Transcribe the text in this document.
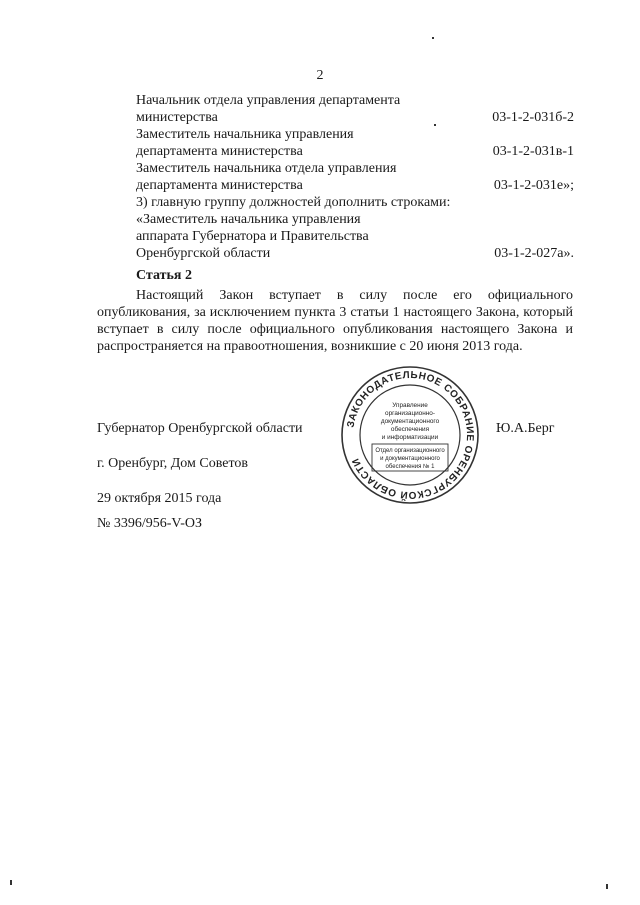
2
Начальник отдела управления департамента
министерства	03-1-2-031б-2
Заместитель начальника управления
департамента министерства	03-1-2-031в-1
Заместитель начальника отдела управления
департамента министерства	03-1-2-031е»;
3) главную группу должностей дополнить строками:
«Заместитель начальника управления
аппарата Губернатора и Правительства
Оренбургской области	03-1-2-027а».
Статья 2
Настоящий Закон вступает в силу после его официального опубликования, за исключением пункта 3 статьи 1 настоящего Закона, который вступает в силу после официального опубликования настоящего Закона и распространяется на правоотношения, возникшие с 20 июня 2013 года.
Губернатор Оренбургской области	Ю.А.Берг
г. Оренбург, Дом Советов
29 октября 2015 года
№ 3396/956-V-ОЗ
ЗАКОНОДАТЕЛЬНОЕ СОБРАНИЕ ОРЕНБУРГСКОЙ ОБЛАСТИ
Управление
организационно-
документационного
обеспечения
и информатизации
Отдел организационного
и документационного
обеспечения № 1
